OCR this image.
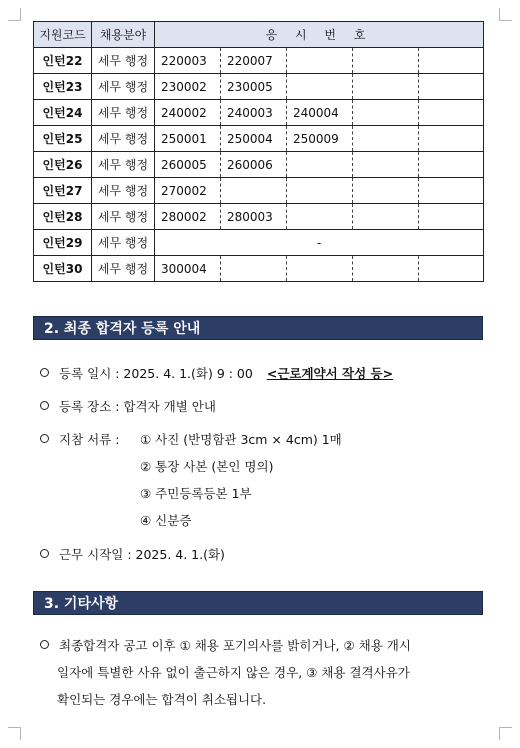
지원코드	채용분야	응 시 번 호				
인턴22	세무 행정	220003	220007			
인턴23	세무 행정	230002	230005			
인턴24	세무 행정	240002	240003	240004		
인턴25	세무 행정	250001	250004	250009		
인턴26	세무 행정	260005	260006			
인턴27	세무 행정	270002				
인턴28	세무 행정	280002	280003			
인턴29	세무 행정	-				
인턴30	세무 행정	300004				
2. 최종 합격자 등록 안내
등록 일시 : 2025. 4. 1.(화) 9 : 00 <근로계약서 작성 등>
등록 장소 : 합격자 개별 안내
지참 서류 : ① 사진 (반명함관 3cm × 4cm) 1매
② 통장 사본 (본인 명의)
③ 주민등록등본 1부
④ 신분증
근무 시작일 : 2025. 4. 1.(화)
3. 기타사항
최종합격자 공고 이후 ① 채용 포기의사를 밝히거나, ② 채용 개시
일자에 특별한 사유 없이 출근하지 않은 경우, ③ 채용 결격사유가
확인되는 경우에는 합격이 취소됩니다.
